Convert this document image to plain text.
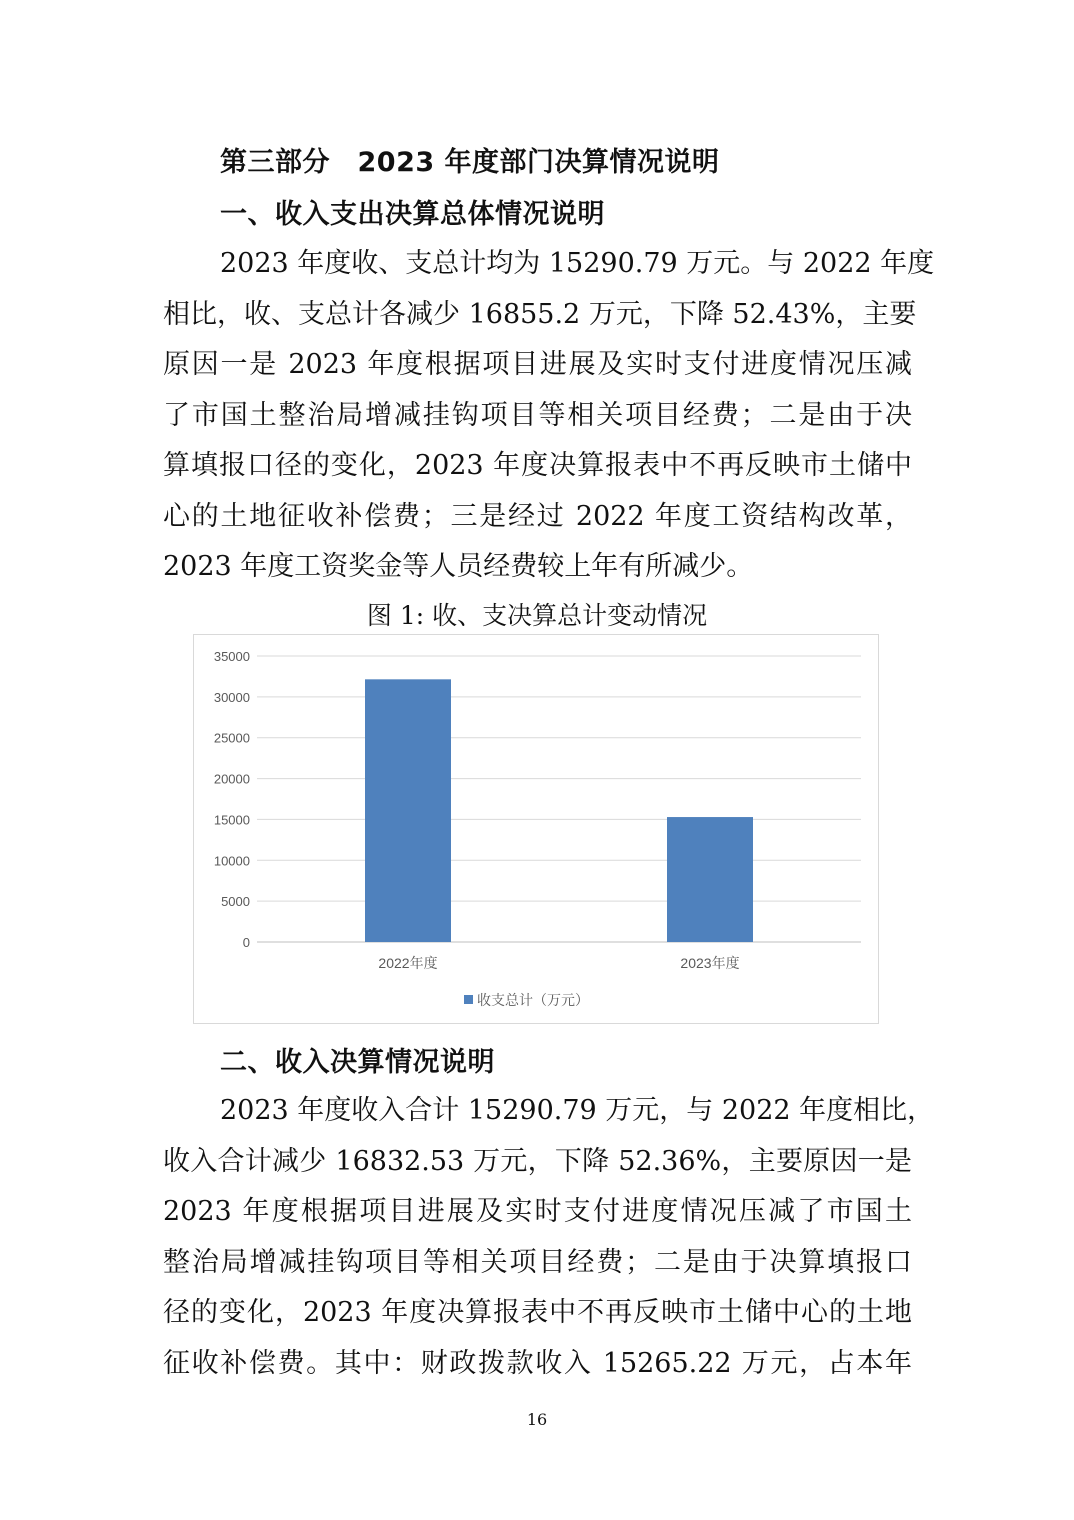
第三部分　2023 年度部门决算情况说明
一、收入支出决算总体情况说明
2023 年度收、支总计均为 15290.79 万元。与 2022 年度
相比，收、支总计各减少 16855.2 万元，下降 52.43%，主要
原因一是 2023 年度根据项目进展及实时支付进度情况压减
了市国土整治局增减挂钩项目等相关项目经费；二是由于决
算填报口径的变化，2023 年度决算报表中不再反映市土储中
心的土地征收补偿费；三是经过 2022 年度工资结构改革，
2023 年度工资奖金等人员经费较上年有所减少。
图 1: 收、支决算总计变动情况
0
5000
10000
15000
20000
25000
30000
35000
2022年度	2023年度
收支总计（万元）
二、收入决算情况说明
2023 年度收入合计 15290.79 万元，与 2022 年度相比，
收入合计减少 16832.53 万元，下降 52.36%，主要原因一是
2023 年度根据项目进展及实时支付进度情况压减了市国土
整治局增减挂钩项目等相关项目经费；二是由于决算填报口
径的变化，2023 年度决算报表中不再反映市土储中心的土地
征收补偿费。其中：财政拨款收入 15265.22 万元，占本年
16
